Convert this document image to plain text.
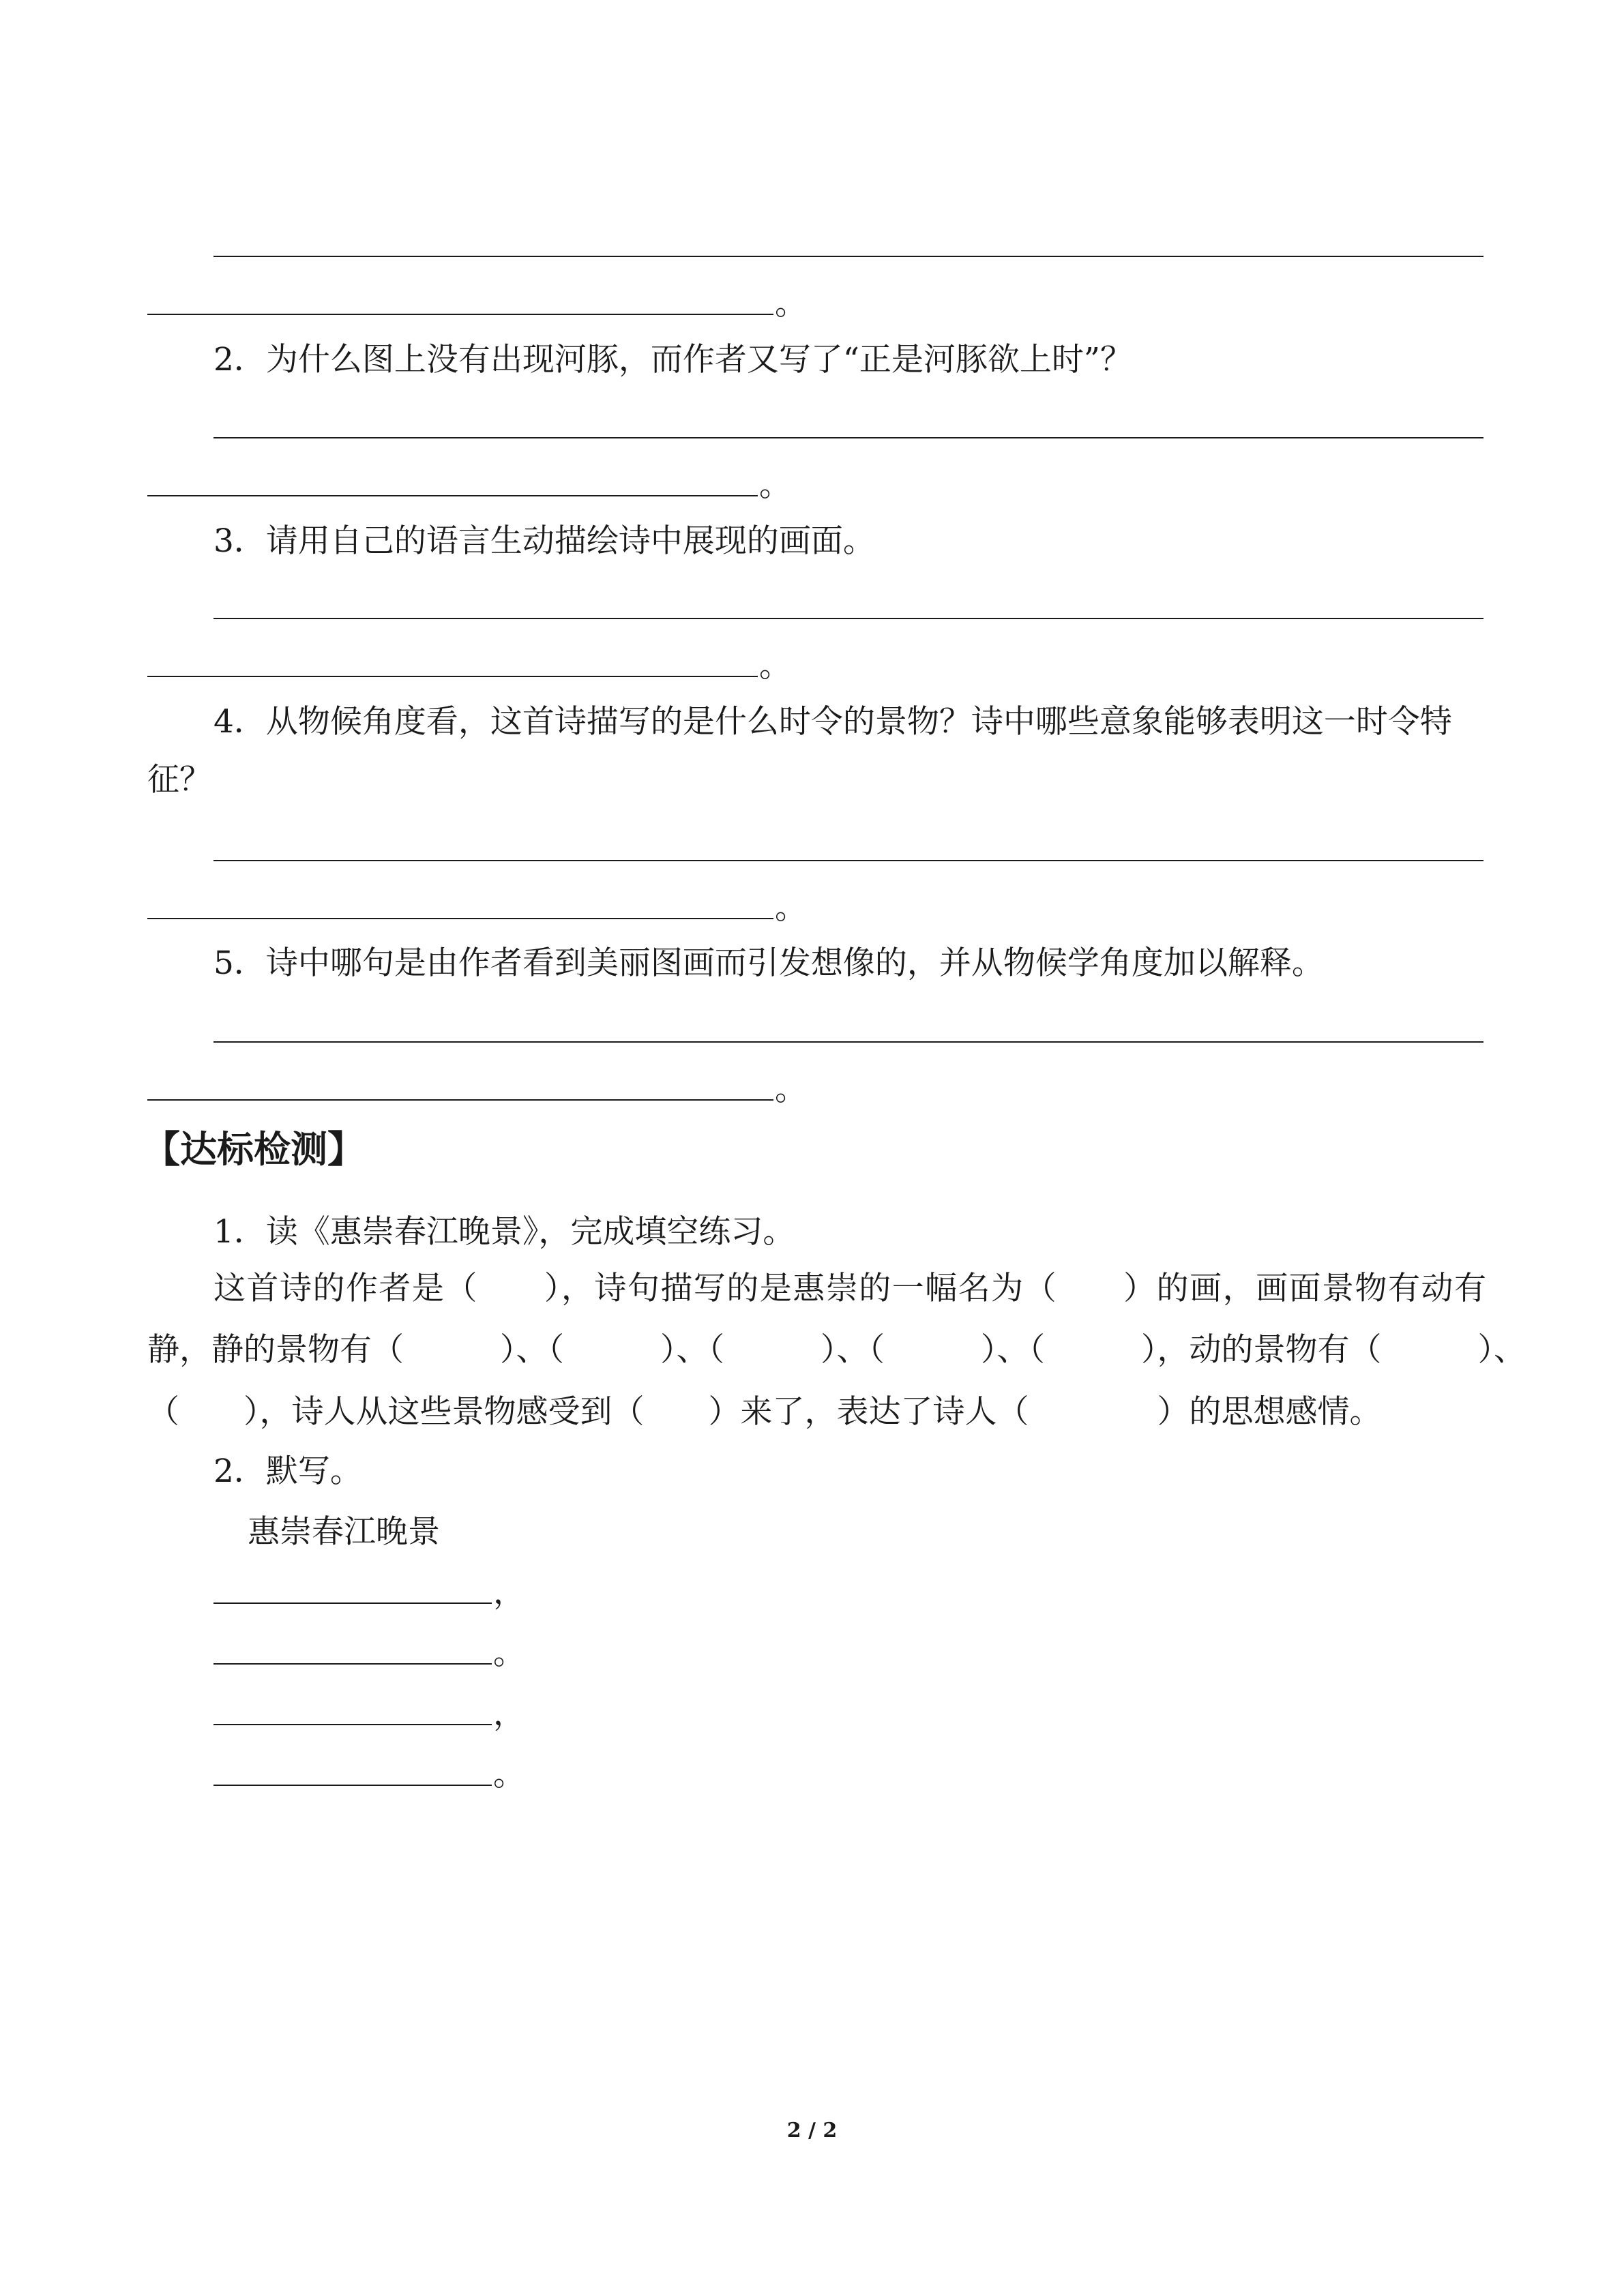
。
2．为什么图上没有出现河豚，而作者又写了“正是河豚欲上时”？
。
3．请用自己的语言生动描绘诗中展现的画面。
。
4．从物候角度看，这首诗描写的是什么时令的景物？诗中哪些意象能够表明这一时令特
征？
。
5．诗中哪句是由作者看到美丽图画而引发想像的，并从物候学角度加以解释。
。
【达标检测】
1．读《惠崇春江晚景》，完成填空练习。
这首诗的作者是（　　），诗句描写的是惠崇的一幅名为（　　）的画，画面景物有动有
静，静的景物有（　　　）、（　　　）、（　　　）、（　　　）、（　　　），动的景物有（　　　）、
（　　），诗人从这些景物感受到（　　）来了，表达了诗人（　　　　）的思想感情。
2．默写。
惠崇春江晚景
，
。
，
。
2 / 2
